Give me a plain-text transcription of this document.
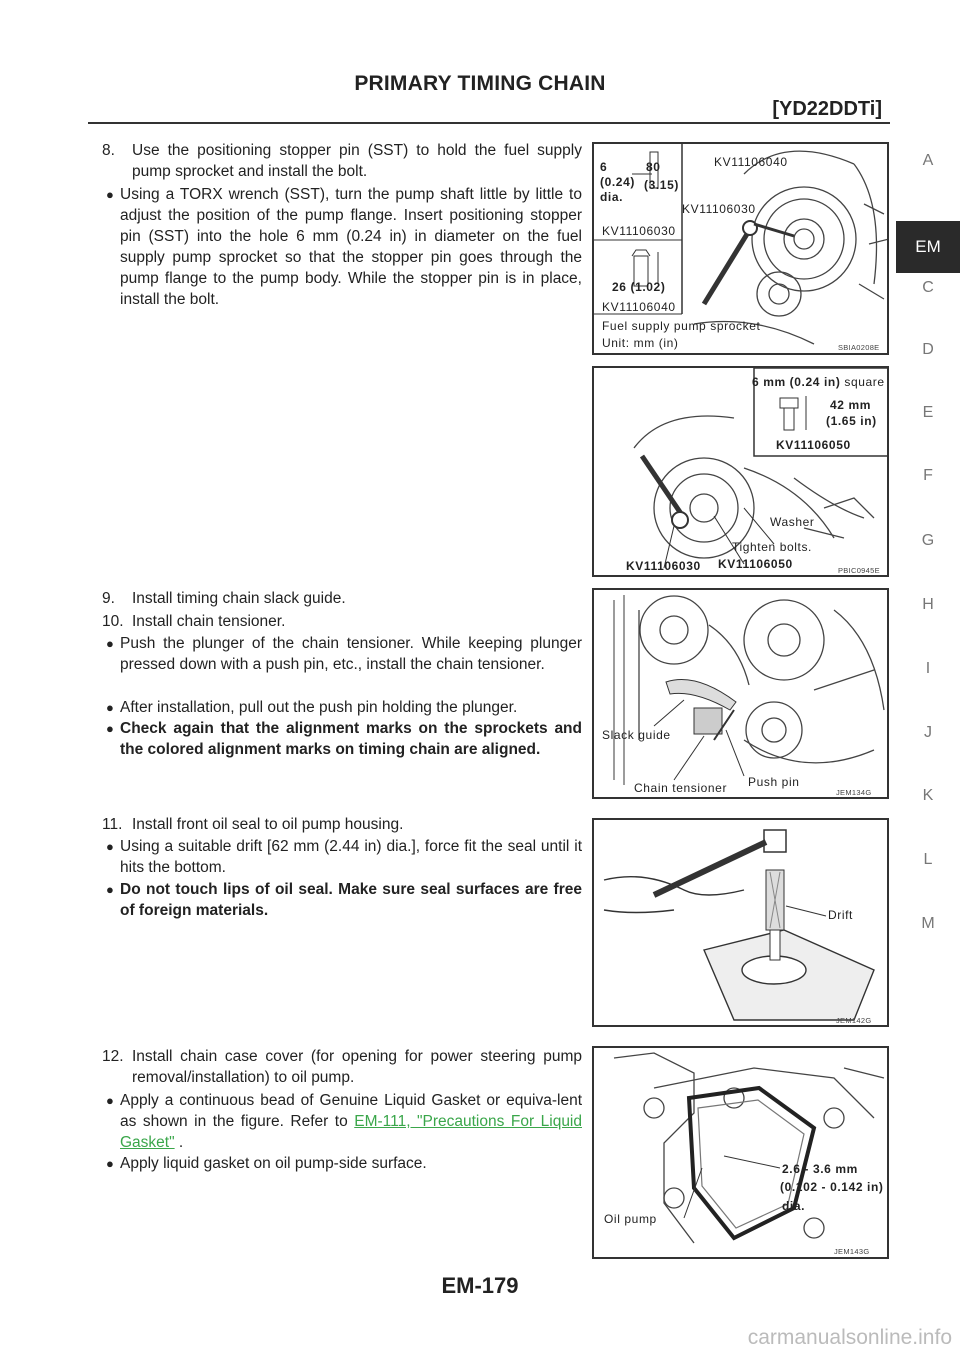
PRIMARY TIMING CHAIN
[YD22DDTi]
A
EM
C
D
E
F
G
H
I
J
K
L
M
8. Use the positioning stopper pin (SST) to hold the fuel supply pump sprocket and install the bolt.
● Using a TORX wrench (SST), turn the pump shaft little by little to adjust the position of the pump flange. Insert positioning stopper pin (SST) into the hole 6 mm (0.24 in) in diameter on the fuel supply pump sprocket so that the stopper pin goes through the pump flange to the pump body. While the stopper pin is in place, install the bolt.
6
(0.24)
dia.
80
(3.15)
KV11106030
26 (1.02)
KV11106040
KV11106040
KV11106030
Fuel supply pump sprocket
Unit: mm (in)	SBIA0208E
6 mm (0.24 in) square
42 mm
(1.65 in)
KV11106050
Washer
Tighten bolts.
KV11106030 KV11106050	PBIC0945E
9. Install timing chain slack guide.
10. Install chain tensioner.
● Push the plunger of the chain tensioner. While keeping plunger pressed down with a push pin, etc., install the chain tensioner.
● After installation, pull out the push pin holding the plunger.
● Check again that the alignment marks on the sprockets and the colored alignment marks on timing chain are aligned.
Slack guide
Chain tensioner Push pin
JEM134G
11. Install front oil seal to oil pump housing.
● Using a suitable drift [62 mm (2.44 in) dia.], force fit the seal until it hits the bottom.
● Do not touch lips of oil seal. Make sure seal surfaces are free of foreign materials.	Drift
JEM142G
12. Install chain case cover (for opening for power steering pump removal/installation) to oil pump.
● Apply a continuous bead of Genuine Liquid Gasket or equiva-lent as shown in the figure. Refer to EM-111, "Precautions For Liquid Gasket" .
● Apply liquid gasket on oil pump-side surface.
Oil pump
2.6 - 3.6 mm
(0.102 - 0.142 in)
dia.
JEM143G
EM-179
carmanualsonline.info
